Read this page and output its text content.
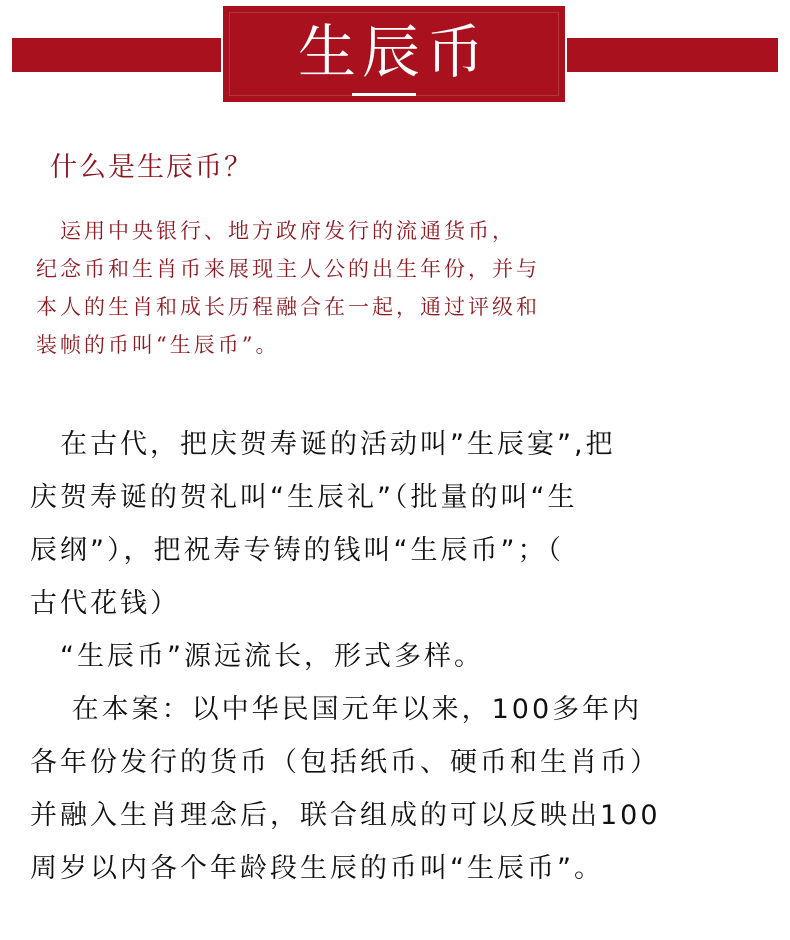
生辰币
什么是生辰币？
　运用中央银行、地方政府发行的流通货币，
纪念币和生肖币来展现主人公的出生年份，并与
本人的生肖和成长历程融合在一起，通过评级和
装帧的币叫“生辰币”。
　在古代，把庆贺寿诞的活动叫”生辰宴”,把
庆贺寿诞的贺礼叫“生辰礼”（批量的叫“生
辰纲”），把祝寿专铸的钱叫“生辰币”；（
古代花钱）
　“生辰币”源远流长，形式多样。
　 在本案：以中华民国元年以来，100多年内
各年份发行的货币（包括纸币、硬币和生肖币）
并融入生肖理念后，联合组成的可以反映出100
周岁以内各个年龄段生辰的币叫“生辰币”。
